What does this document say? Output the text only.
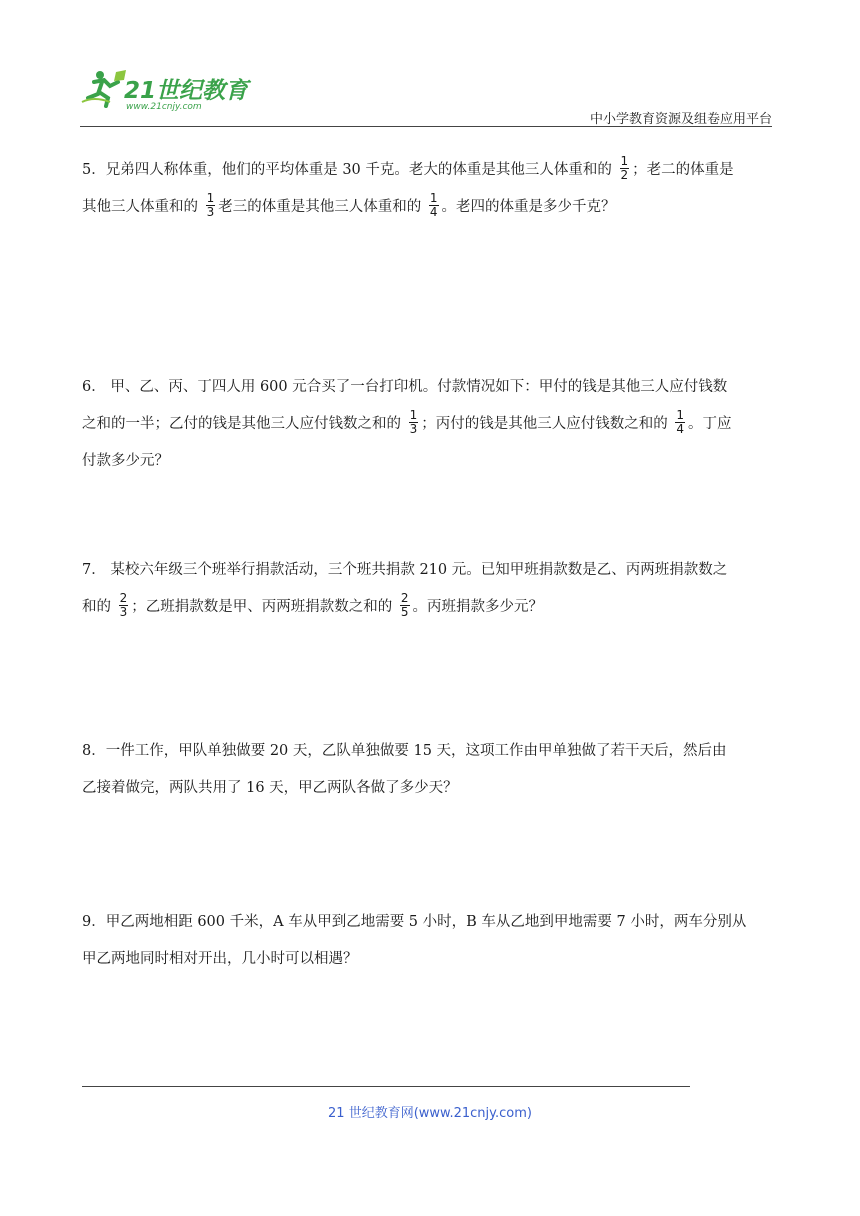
21世纪教育
www.21cnjy.com
中小学教育资源及组卷应用平台
5．兄弟四人称体重，他们的平均体重是 30 千克。老大的体重是其他三人体重和的 $\frac{1}{2}$ ；老二的体重是
其他三人体重和的 $\frac{1}{3}$ 老三的体重是其他三人体重和的 $\frac{1}{4}$ 。老四的体重是多少千克？
6． 甲、乙、丙、丁四人用 600 元合买了一台打印机。付款情况如下：甲付的钱是其他三人应付钱数
之和的一半；乙付的钱是其他三人应付钱数之和的 $\frac{1}{3}$ ；丙付的钱是其他三人应付钱数之和的 $\frac{1}{4}$ 。丁应
付款多少元？
7． 某校六年级三个班举行捐款活动，三个班共捐款 210 元。已知甲班捐款数是乙、丙两班捐款数之
和的 $\frac{2}{3}$ ；乙班捐款数是甲、丙两班捐款数之和的 $\frac{2}{5}$ 。丙班捐款多少元？
8．一件工作，甲队单独做要 20 天，乙队单独做要 15 天，这项工作由甲单独做了若干天后，然后由
乙接着做完，两队共用了 16 天，甲乙两队各做了多少天？
9．甲乙两地相距 600 千米，A 车从甲到乙地需要 5 小时，B 车从乙地到甲地需要 7 小时，两车分别从
甲乙两地同时相对开出，几小时可以相遇？
21 世纪教育网(www.21cnjy.com)
